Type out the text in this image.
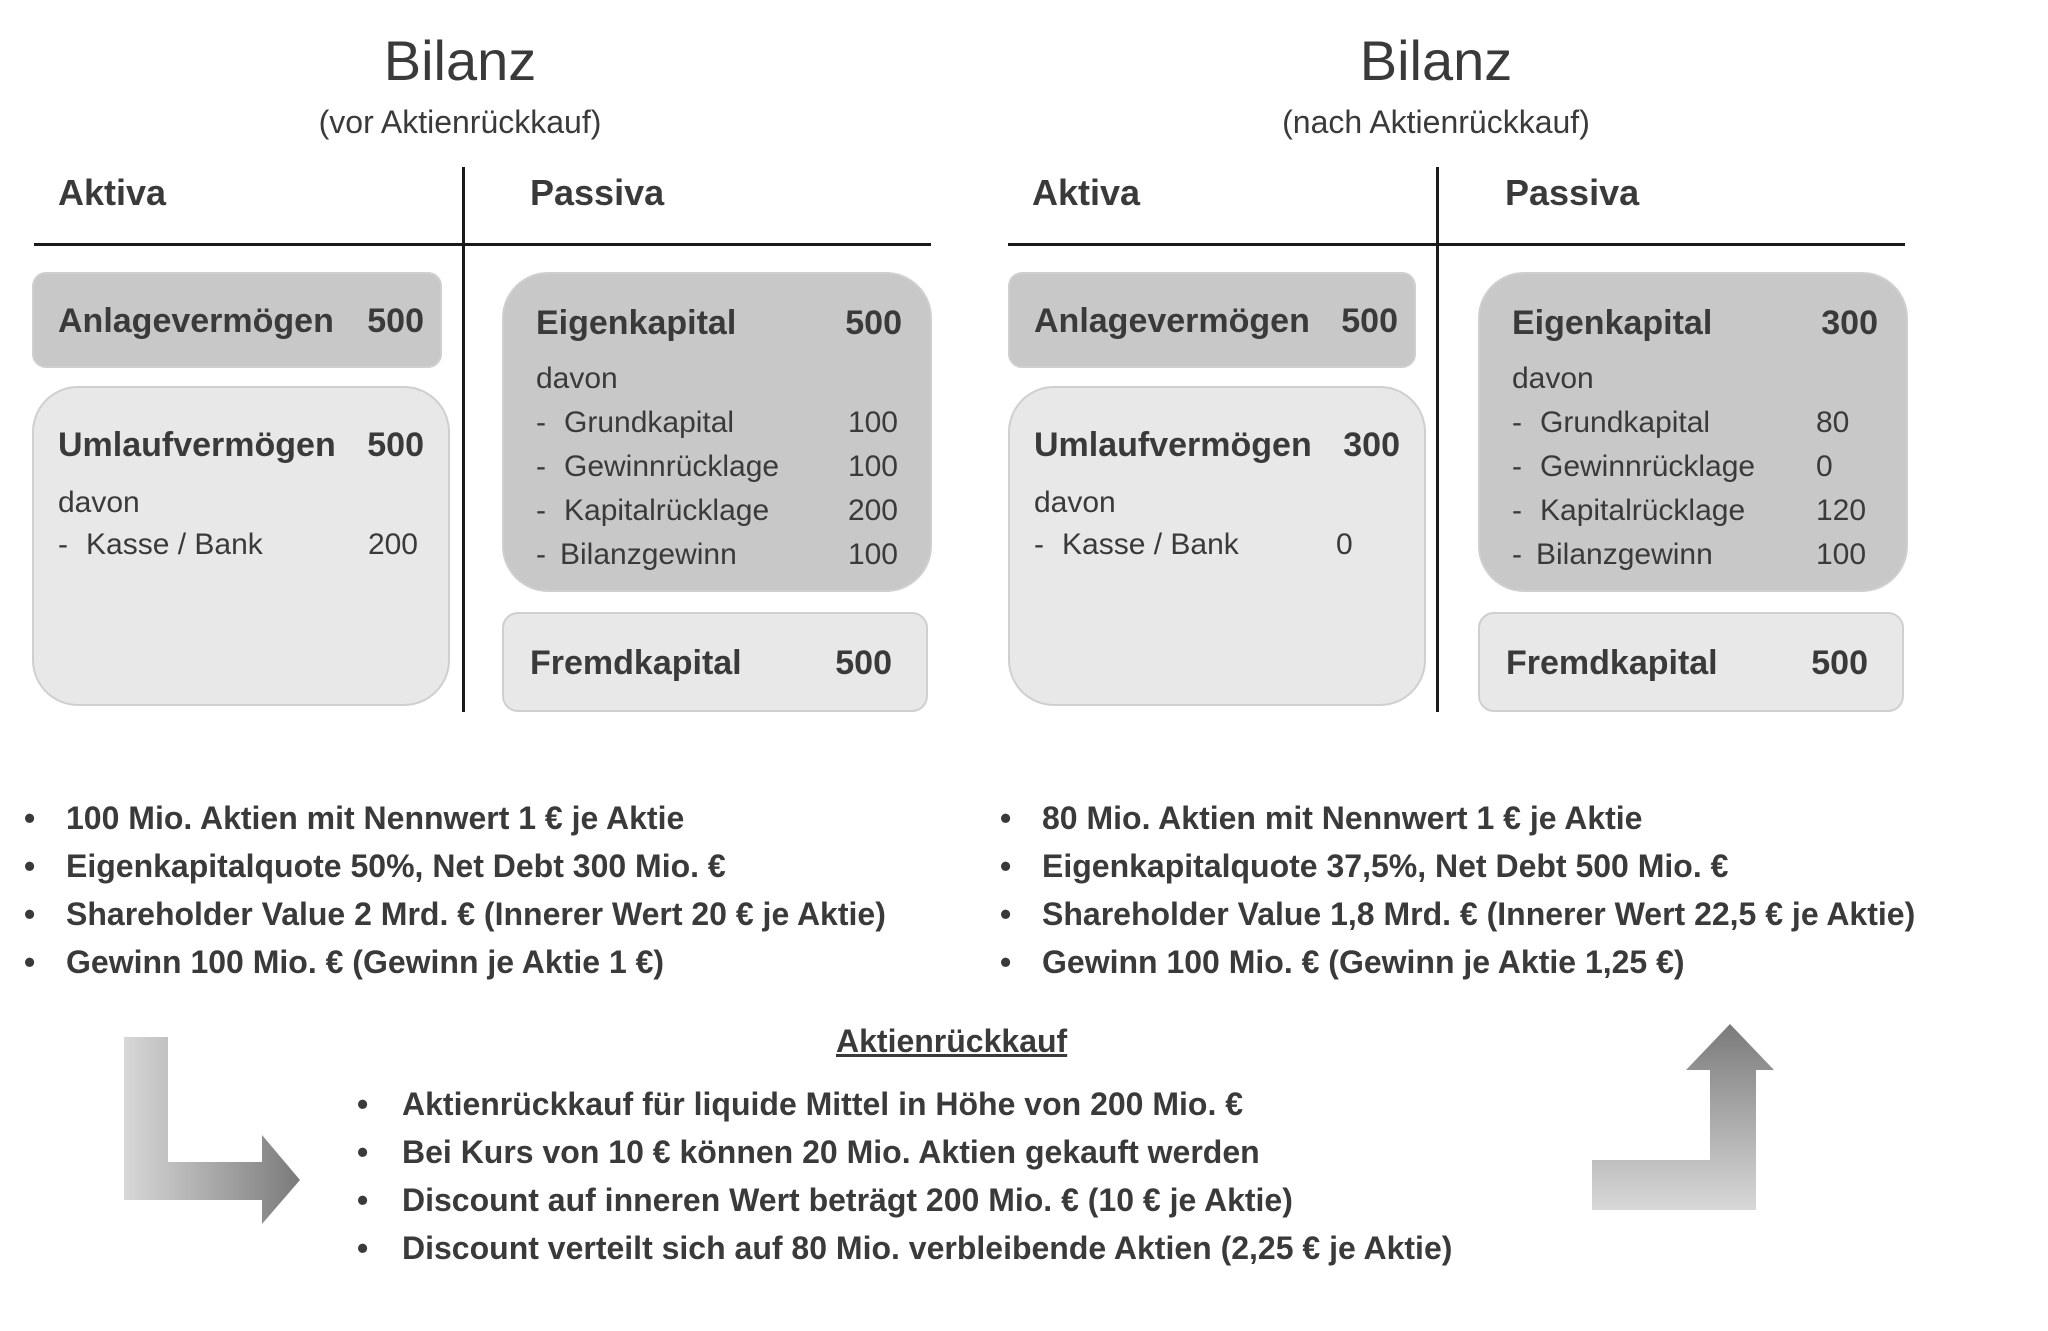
Bilanz
(vor Aktienrückkauf)
Aktiva	Passiva
Anlagevermögen 500
Umlaufvermögen 500
davon
- Kasse / Bank	200
Eigenkapital	500
davon
- Grundkapital	100
- Gewinnrücklage 100
- Kapitalrücklage	200
- Bilanzgewinn	100
Fremdkapital	500
• 100 Mio. Aktien mit Nennwert 1 € je Aktie
• Eigenkapitalquote 50%, Net Debt 300 Mio. €
• Shareholder Value 2 Mrd. € (Innerer Wert 20 € je Aktie)
• Gewinn 100 Mio. € (Gewinn je Aktie 1 €)
Bilanz
(nach Aktienrückkauf)
Aktiva	Passiva
Anlagevermögen 500
Umlaufvermögen 300
davon
- Kasse / Bank	0
Eigenkapital	300
davon
- Grundkapital	80
- Gewinnrücklage 0
- Kapitalrücklage 120
- Bilanzgewinn	100
Fremdkapital	500
• 80 Mio. Aktien mit Nennwert 1 € je Aktie
• Eigenkapitalquote 37,5%, Net Debt 500 Mio. €
• Shareholder Value 1,8 Mrd. € (Innerer Wert 22,5 € je Aktie)
• Gewinn 100 Mio. € (Gewinn je Aktie 1,25 €)
Aktienrückkauf
• Aktienrückkauf für liquide Mittel in Höhe von 200 Mio. €
• Bei Kurs von 10 € können 20 Mio. Aktien gekauft werden
• Discount auf inneren Wert beträgt 200 Mio. € (10 € je Aktie)
• Discount verteilt sich auf 80 Mio. verbleibende Aktien (2,25 € je Aktie)
